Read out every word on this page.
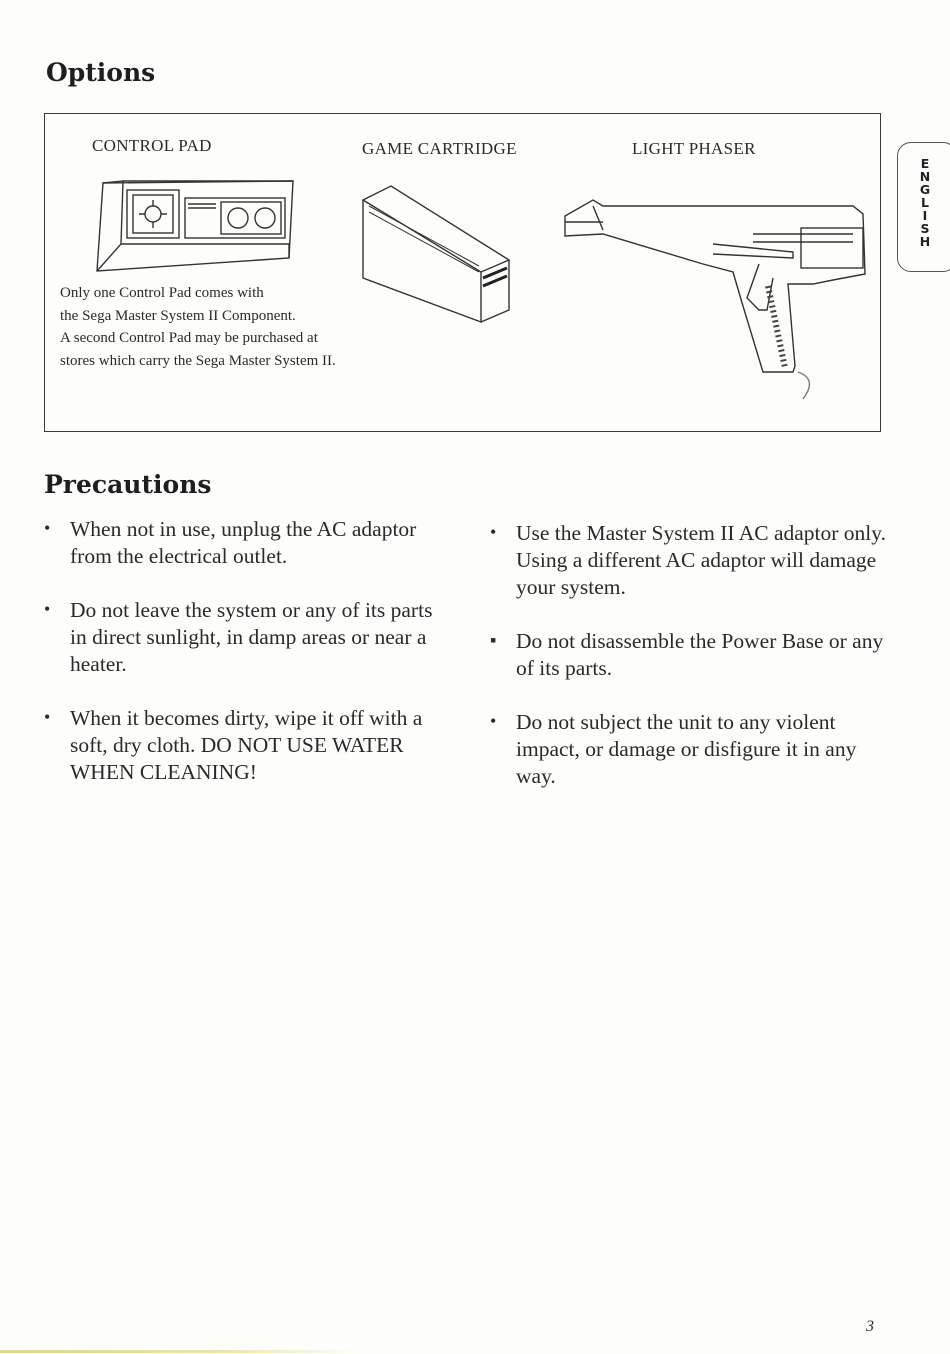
Options
CONTROL PAD	GAME CARTRIDGE	LIGHT PHASER
Only one Control Pad comes with
the Sega Master System II Component.
A second Control Pad may be purchased at
stores which carry the Sega Master System II.
E
N
G
L
I
S
H
Precautions
• When not in use, unplug the AC adaptor from the electrical outlet.
• Do not leave the system or any of its parts in direct sunlight, in damp areas or near a heater.
• When it becomes dirty, wipe it off with a soft, dry cloth. DO NOT USE WATER WHEN CLEANING!
• Use the Master System II AC adaptor only. Using a different AC adaptor will damage your system.
▪ Do not disassemble the Power Base or any of its parts.
• Do not subject the unit to any violent impact, or damage or disfigure it in any way.
3
